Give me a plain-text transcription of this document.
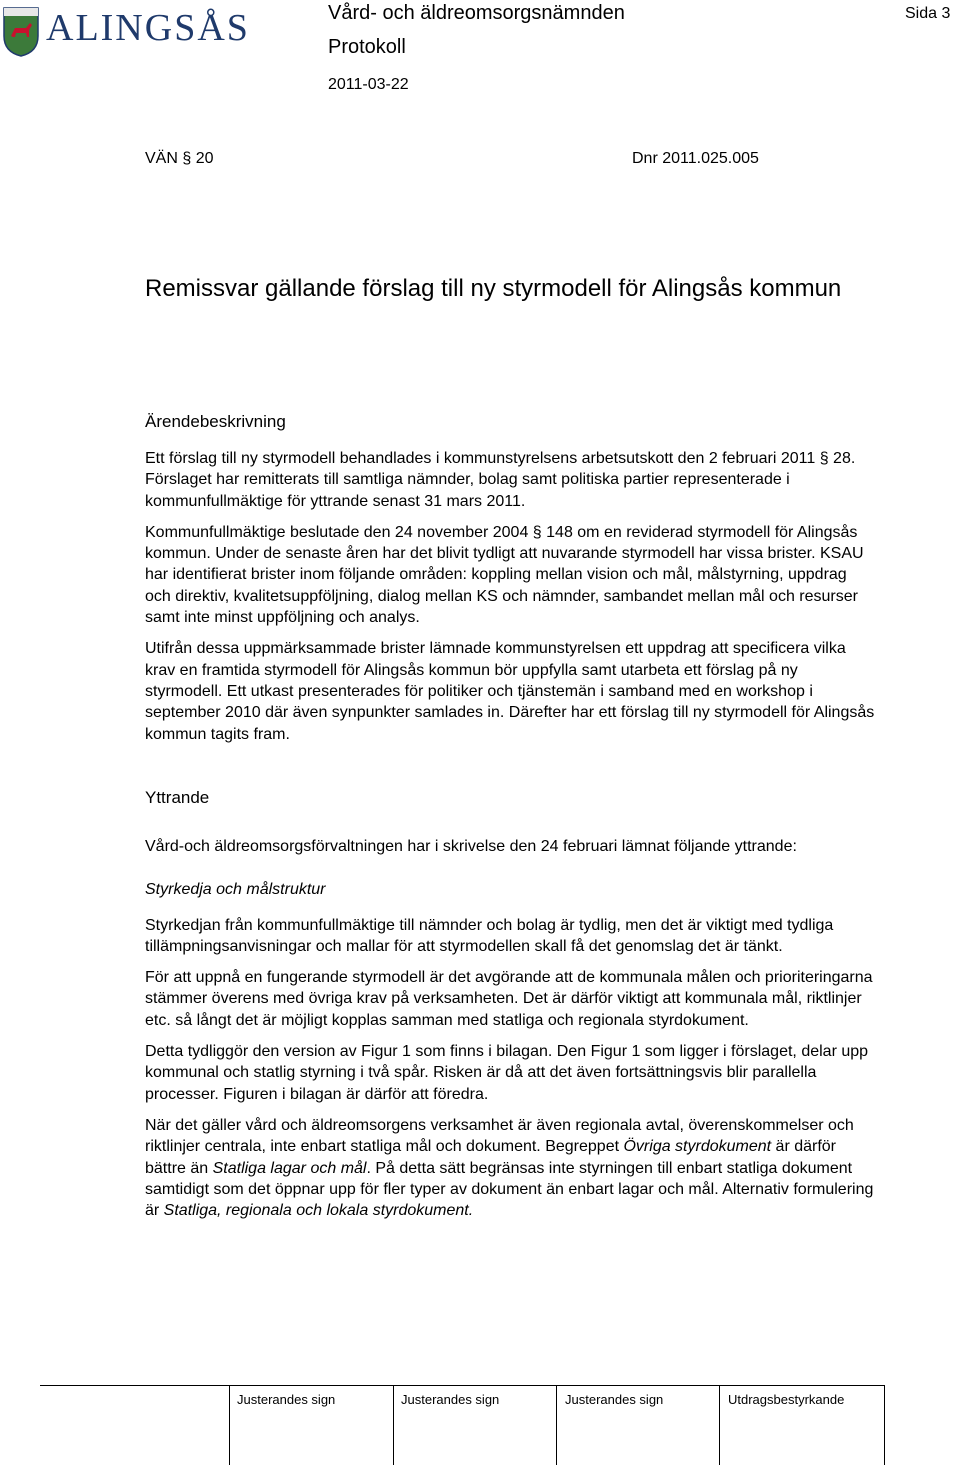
ALINGSÅS	Vård- och äldreomsorgsnämnden
Protokoll
2011-03-22
Sida 3
VÄN § 20	Dnr 2011.025.005
Remissvar gällande förslag till ny styrmodell för Alingsås kommun
Ärendebeskrivning

Ett förslag till ny styrmodell behandlades i kommunstyrelsens arbetsutskott den 2 februari 2011 § 28. Förslaget har remitterats till samtliga nämnder, bolag samt politiska partier representerade i kommunfullmäktige för yttrande senast 31 mars 2011.

Kommunfullmäktige beslutade den 24 november 2004 § 148 om en reviderad styrmodell för Alingsås kommun. Under de senaste åren har det blivit tydligt att nuvarande styrmodell har vissa brister. KSAU har identifierat brister inom följande områden: koppling mellan vision och mål, målstyrning, uppdrag och direktiv, kvalitetsuppföljning, dialog mellan KS och nämnder, sambandet mellan mål och resurser samt inte minst uppföljning och analys.

Utifrån dessa uppmärksammade brister lämnade kommunstyrelsen ett uppdrag att specificera vilka krav en framtida styrmodell för Alingsås kommun bör uppfylla samt utarbeta ett förslag på ny styrmodell. Ett utkast presenterades för politiker och tjänstemän i samband med en workshop i september 2010 där även synpunkter samlades in. Därefter har ett förslag till ny styrmodell för Alingsås kommun tagits fram.

Yttrande

Vård-och äldreomsorgsförvaltningen har i skrivelse den 24 februari lämnat följande yttrande:

Styrkedja och målstruktur

Styrkedjan från kommunfullmäktige till nämnder och bolag är tydlig, men det är viktigt med tydliga tillämpningsanvisningar och mallar för att styrmodellen skall få det genomslag det är tänkt.

För att uppnå en fungerande styrmodell är det avgörande att de kommunala målen och prioriteringarna stämmer överens med övriga krav på verksamheten. Det är därför viktigt att kommunala mål, riktlinjer etc. så långt det är möjligt kopplas samman med statliga och regionala styrdokument.

Detta tydliggör den version av Figur 1 som finns i bilagan. Den Figur 1 som ligger i förslaget, delar upp kommunal och statlig styrning i två spår. Risken är då att det även fortsättningsvis blir parallella processer. Figuren i bilagan är därför att föredra.

När det gäller vård och äldreomsorgens verksamhet är även regionala avtal, överenskommelser och riktlinjer centrala, inte enbart statliga mål och dokument. Begreppet Övriga styrdokument är därför bättre än Statliga lagar och mål. På detta sätt begränsas inte styrningen till enbart statliga dokument samtidigt som det öppnar upp för fler typer av dokument än enbart lagar och mål. Alternativ formulering är Statliga, regionala och lokala styrdokument.

Justerandes sign	Justerandes sign	Justerandes sign	Utdragsbestyrkande
